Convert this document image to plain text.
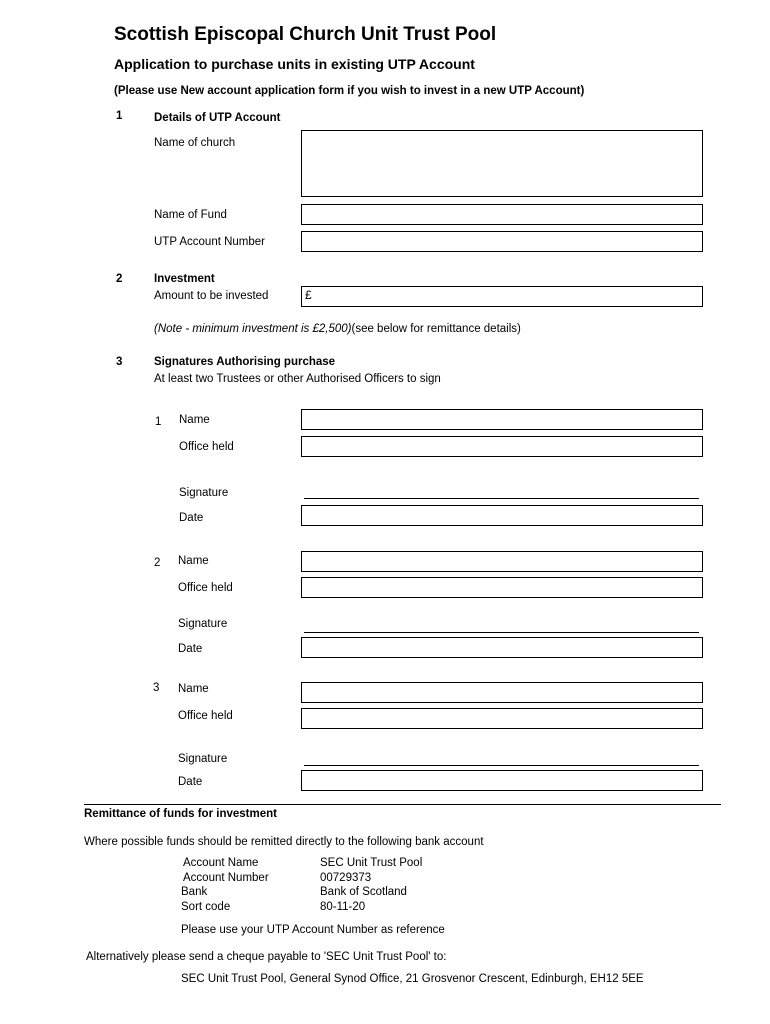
Scottish Episcopal Church Unit Trust Pool
Application to purchase units in existing UTP Account
(Please use New account application form if you wish to invest in a new UTP Account)
1	Details of UTP Account
Name of church
Name of Fund
UTP Account Number
2	Investment
Amount to be invested	£
(Note - minimum investment is £2,500)(see below for remittance details)
3	Signatures Authorising purchase
At least two Trustees or other Authorised Officers to sign
1 Name
Office held
Signature
Date
2 Name
Office held
Signature
Date
3 Name
Office held
Signature
Date
Remittance of funds for investment
Where possible funds should be remitted directly to the following bank account
Account Name	SEC Unit Trust Pool
Account Number	00729373
Bank	Bank of Scotland
Sort code	80-11-20
Please use your UTP Account Number as reference
Alternatively please send a cheque payable to 'SEC Unit Trust Pool' to:
SEC Unit Trust Pool, General Synod Office, 21 Grosvenor Crescent, Edinburgh, EH12 5EE
